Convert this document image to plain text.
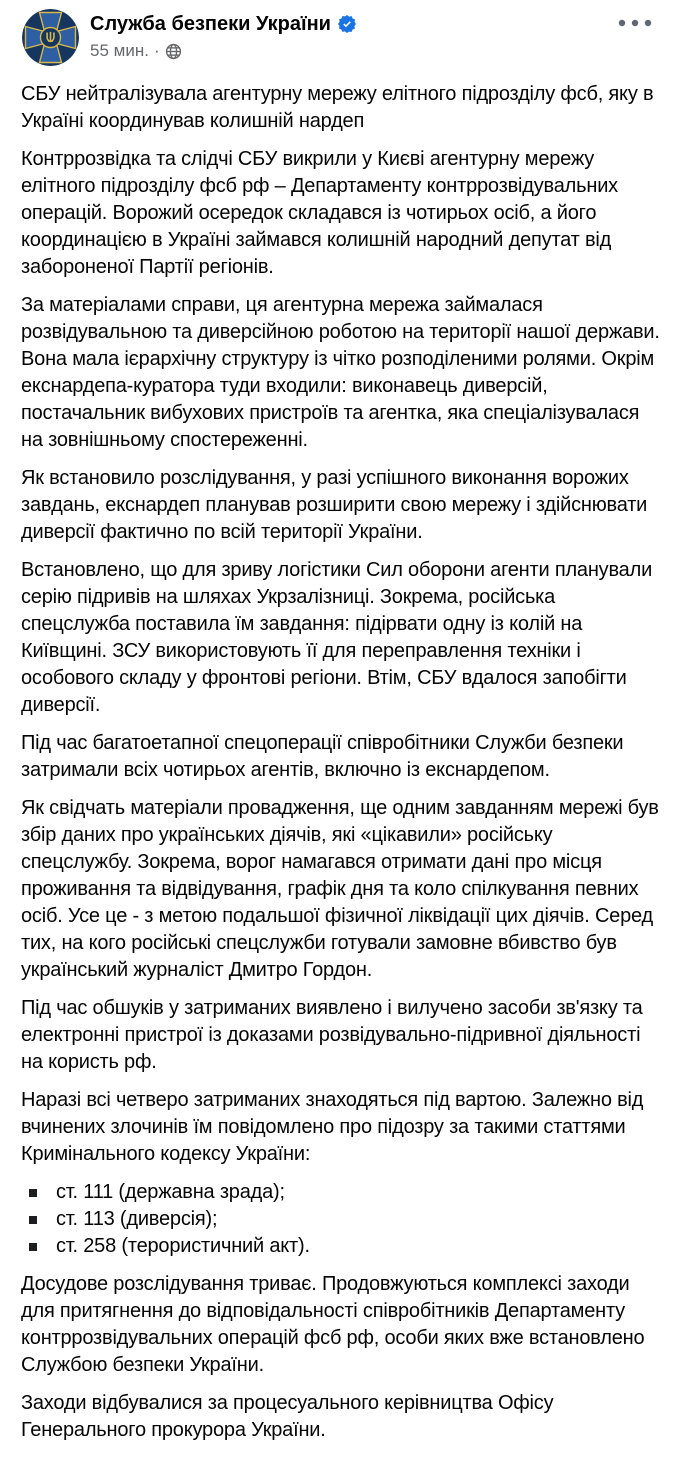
Служба безпеки України
55 мин. ·

СБУ нейтралізувала агентурну мережу елітного підрозділу фсб, яку в Україні координував колишній нардеп

Контррозвідка та слідчі СБУ викрили у Києві агентурну мережу елітного підрозділу фсб рф – Департаменту контррозвідувальних операцій. Ворожий осередок складався із чотирьох осіб, а його координацією в Україні займався колишній народний депутат від забороненої Партії регіонів.

За матеріалами справи, ця агентурна мережа займалася розвідувальною та диверсійною роботою на території нашої держави. Вона мала ієрархічну структуру із чітко розподіленими ролями. Окрім екснардепа-куратора туди входили: виконавець диверсій, постачальник вибухових пристроїв та агентка, яка спеціалізувалася на зовнішньому спостереженні.

Як встановило розслідування, у разі успішного виконання ворожих завдань, екснардеп планував розширити свою мережу і здійснювати диверсії фактично по всій території України.

Встановлено, що для зриву логістики Сил оборони агенти планували серію підривів на шляхах Укрзалізниці. Зокрема, російська спецслужба поставила їм завдання: підірвати одну із колій на Київщині. ЗСУ використовують її для переправлення техніки і особового складу у фронтові регіони. Втім, СБУ вдалося запобігти диверсії.

Під час багатоетапної спецоперації співробітники Служби безпеки затримали всіх чотирьох агентів, включно із екснардепом.

Як свідчать матеріали провадження, ще одним завданням мережі був збір даних про українських діячів, які «цікавили» російську спецслужбу. Зокрема, ворог намагався отримати дані про місця проживання та відвідування, графік дня та коло спілкування певних осіб. Усе це - з метою подальшої фізичної ліквідації цих діячів. Серед тих, на кого російські спецслужби готували замовне вбивство був український журналіст Дмитро Гордон.

Під час обшуків у затриманих виявлено і вилучено засоби зв'язку та електронні пристрої із доказами розвідувально-підривної діяльності на користь рф.

Наразі всі четверо затриманих знаходяться під вартою. Залежно від вчинених злочинів їм повідомлено про підозру за такими статтями Кримінального кодексу України:

ст. 111 (державна зрада);
ст. 113 (диверсія);
ст. 258 (терористичний акт).

Досудове розслідування триває. Продовжуються комплексі заходи для притягнення до відповідальності співробітників Департаменту контррозвідувальних операцій фсб рф, особи яких вже встановлено Службою безпеки України.

Заходи відбувалися за процесуального керівництва Офісу Генерального прокурора України.
